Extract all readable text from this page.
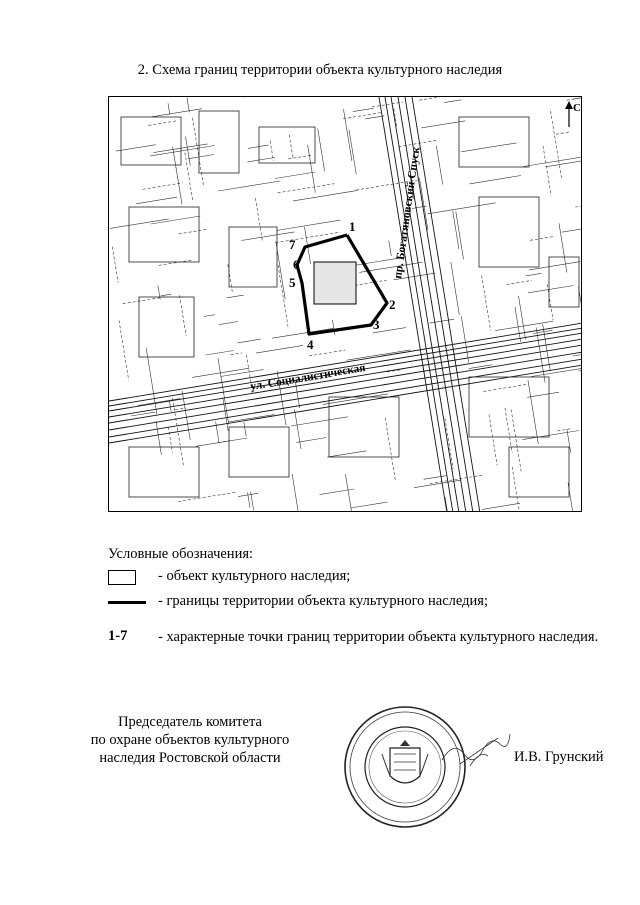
2. Схема границ территории объекта культурного наследия
С
1
2
3
4
5
6
7	пр. Богатяновский Спуск
ул. Социалистическая
Условные обозначения:
- объект культурного наследия;
- границы территории объекта культурного наследия;
1-7 - характерные точки границ территории объекта культурного наследия.
Председатель комитета
по охране объектов культурного
наследия Ростовской области	И.В. Грунский
